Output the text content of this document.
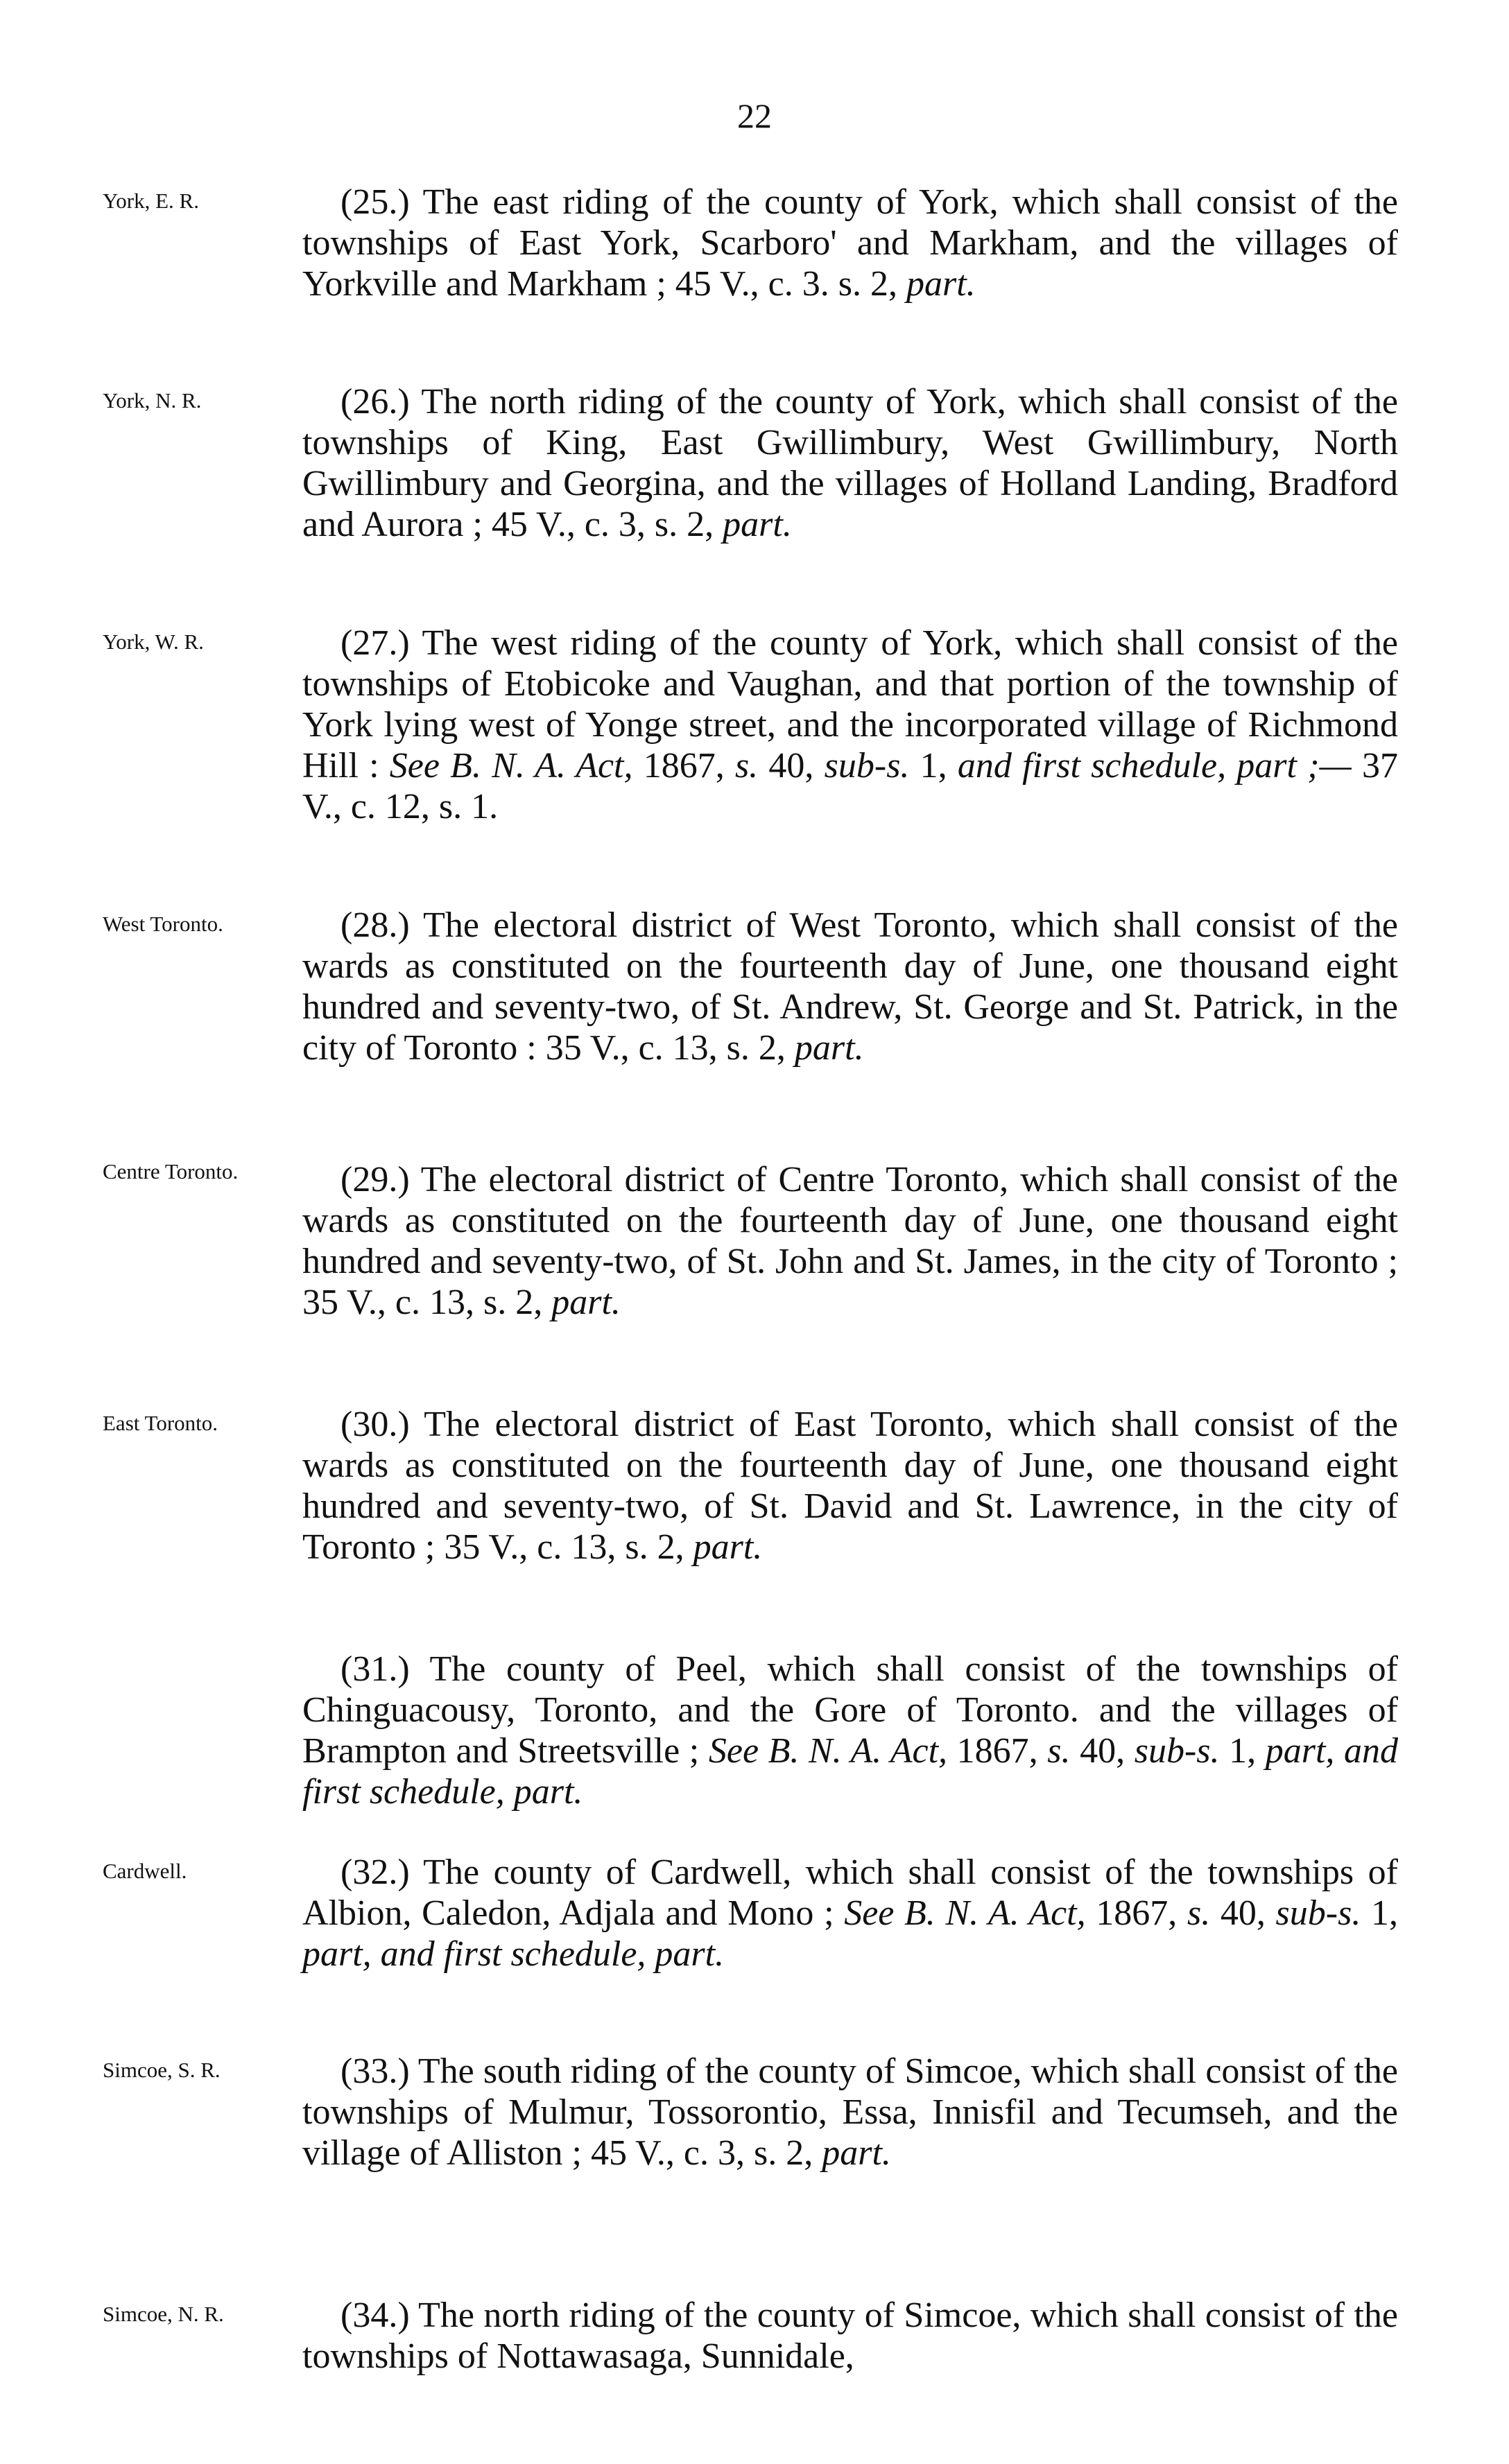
22
York, E. R.	(25.) The east riding of the county of York, which shall consist of the townships of East York, Scarboro' and Markham, and the villages of Yorkville and Markham ; 45 V., c. 3. s. 2, part.

York, N. R.	(26.) The north riding of the county of York, which shall consist of the townships of King, East Gwillimbury, West Gwillimbury, North Gwillimbury and Georgina, and the villages of Holland Landing, Bradford and Aurora ; 45 V., c. 3, s. 2, part.

York, W. R.	(27.) The west riding of the county of York, which shall consist of the townships of Etobicoke and Vaughan, and that portion of the township of York lying west of Yonge street, and the incorporated village of Richmond Hill : See B. N. A. Act, 1867, s. 40, sub-s. 1, and first schedule, part ;— 37 V., c. 12, s. 1.

West Toronto.	(28.) The electoral district of West Toronto, which shall consist of the wards as constituted on the fourteenth day of June, one thousand eight hundred and seventy-two, of St. Andrew, St. George and St. Patrick, in the city of Toronto : 35 V., c. 13, s. 2, part.

Centre Toronto.	(29.) The electoral district of Centre Toronto, which shall consist of the wards as constituted on the fourteenth day of June, one thousand eight hundred and seventy-two, of St. John and St. James, in the city of Toronto ; 35 V., c. 13, s. 2, part.

East Toronto.	(30.) The electoral district of East Toronto, which shall consist of the wards as constituted on the fourteenth day of June, one thousand eight hundred and seventy-two, of St. David and St. Lawrence, in the city of Toronto ; 35 V., c. 13, s. 2, part.

(31.) The county of Peel, which shall consist of the townships of Chinguacousy, Toronto, and the Gore of Toronto. and the villages of Brampton and Streetsville ; See B. N. A. Act, 1867, s. 40, sub-s. 1, part, and first schedule, part.

Cardwell.	(32.) The county of Cardwell, which shall consist of the townships of Albion, Caledon, Adjala and Mono ; See B. N. A. Act, 1867, s. 40, sub-s. 1, part, and first schedule, part.

Simcoe, S. R.	(33.) The south riding of the county of Simcoe, which shall consist of the townships of Mulmur, Tossorontio, Essa, Innisfil and Tecumseh, and the village of Alliston ; 45 V., c. 3, s. 2, part.

Simcoe, N. R.	(34.) The north riding of the county of Simcoe, which shall consist of the townships of Nottawasaga, Sunnidale,
